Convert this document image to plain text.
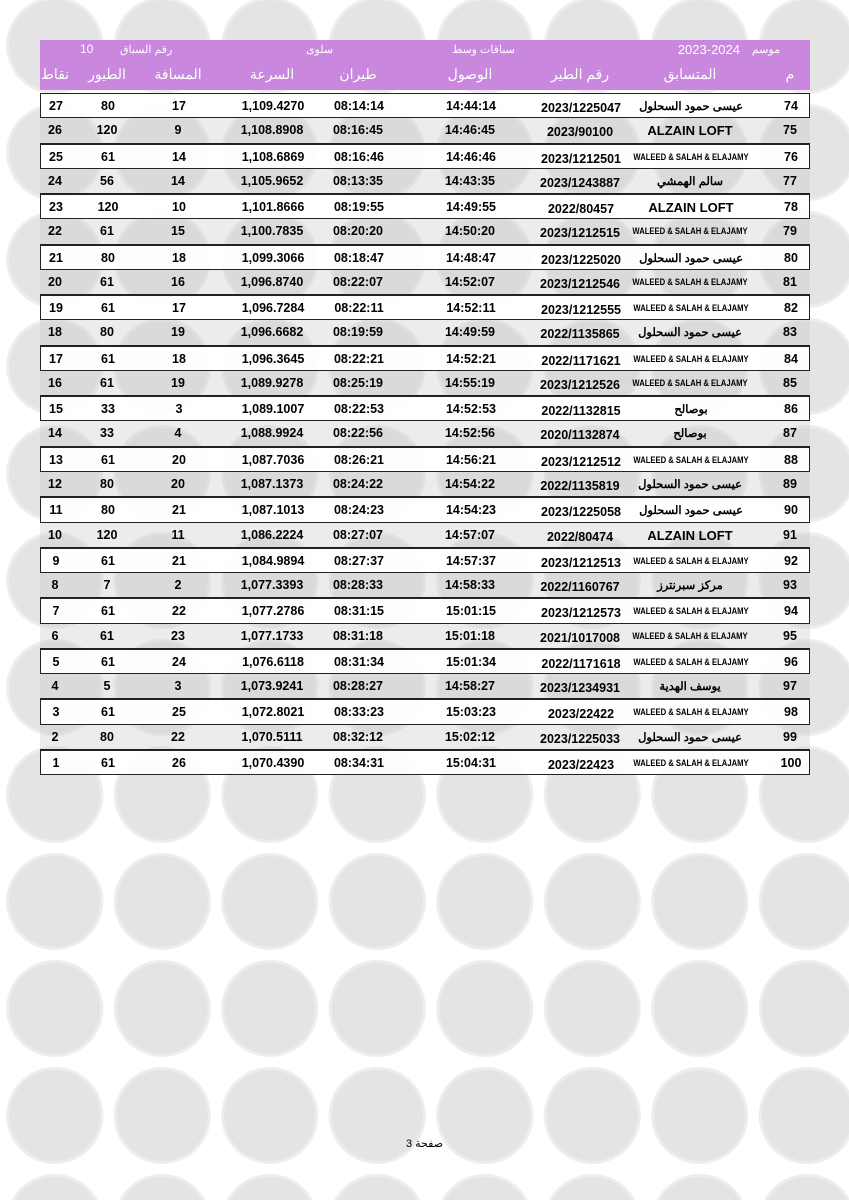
موسم
2023-2024
سباقات وسط
سلوى
رقم السباق
10
م
المتسابق
رقم الطير
الوصول
طيران
السرعة
المسافة
الطيور
نقاط
74
عيسى حمود السحلول
2023/1225047
14:44:14
08:14:14
1,109.4270
17
80
27
75
ALZAIN LOFT
2023/90100
14:46:45
08:16:45
1,108.8908
9
120
26
76
WALEED & SALAH & ELAJAMY
2023/1212501
14:46:46
08:16:46
1,108.6869
14
61
25
77
سالم الهمشي
2023/1243887
14:43:35
08:13:35
1,105.9652
14
56
24
78
ALZAIN LOFT
2022/80457
14:49:55
08:19:55
1,101.8666
10
120
23
79
WALEED & SALAH & ELAJAMY
2023/1212515
14:50:20
08:20:20
1,100.7835
15
61
22
80
عيسى حمود السحلول
2023/1225020
14:48:47
08:18:47
1,099.3066
18
80
21
81
WALEED & SALAH & ELAJAMY
2023/1212546
14:52:07
08:22:07
1,096.8740
16
61
20
82
WALEED & SALAH & ELAJAMY
2023/1212555
14:52:11
08:22:11
1,096.7284
17
61
19
83
عيسى حمود السحلول
2022/1135865
14:49:59
08:19:59
1,096.6682
19
80
18
84
WALEED & SALAH & ELAJAMY
2022/1171621
14:52:21
08:22:21
1,096.3645
18
61
17
85
WALEED & SALAH & ELAJAMY
2023/1212526
14:55:19
08:25:19
1,089.9278
19
61
16
86
بوصالح
2022/1132815
14:52:53
08:22:53
1,089.1007
3
33
15
87
بوصالح
2020/1132874
14:52:56
08:22:56
1,088.9924
4
33
14
88
WALEED & SALAH & ELAJAMY
2023/1212512
14:56:21
08:26:21
1,087.7036
20
61
13
89
عيسى حمود السحلول
2022/1135819
14:54:22
08:24:22
1,087.1373
20
80
12
90
عيسى حمود السحلول
2023/1225058
14:54:23
08:24:23
1,087.1013
21
80
11
91
ALZAIN LOFT
2022/80474
14:57:07
08:27:07
1,086.2224
11
120
10
92
WALEED & SALAH & ELAJAMY
2023/1212513
14:57:37
08:27:37
1,084.9894
21
61
9
93
مركز سبرنترز
2022/1160767
14:58:33
08:28:33
1,077.3393
2
7
8
94
WALEED & SALAH & ELAJAMY
2023/1212573
15:01:15
08:31:15
1,077.2786
22
61
7
95
WALEED & SALAH & ELAJAMY
2021/1017008
15:01:18
08:31:18
1,077.1733
23
61
6
96
WALEED & SALAH & ELAJAMY
2022/1171618
15:01:34
08:31:34
1,076.6118
24
61
5
97
يوسف الهدية
2023/1234931
14:58:27
08:28:27
1,073.9241
3
5
4
98
WALEED & SALAH & ELAJAMY
2023/22422
15:03:23
08:33:23
1,072.8021
25
61
3
99
عيسى حمود السحلول
2023/1225033
15:02:12
08:32:12
1,070.5111
22
80
2
100
WALEED & SALAH & ELAJAMY
2023/22423
15:04:31
08:34:31
1,070.4390
26
61
1
صفحة 3
